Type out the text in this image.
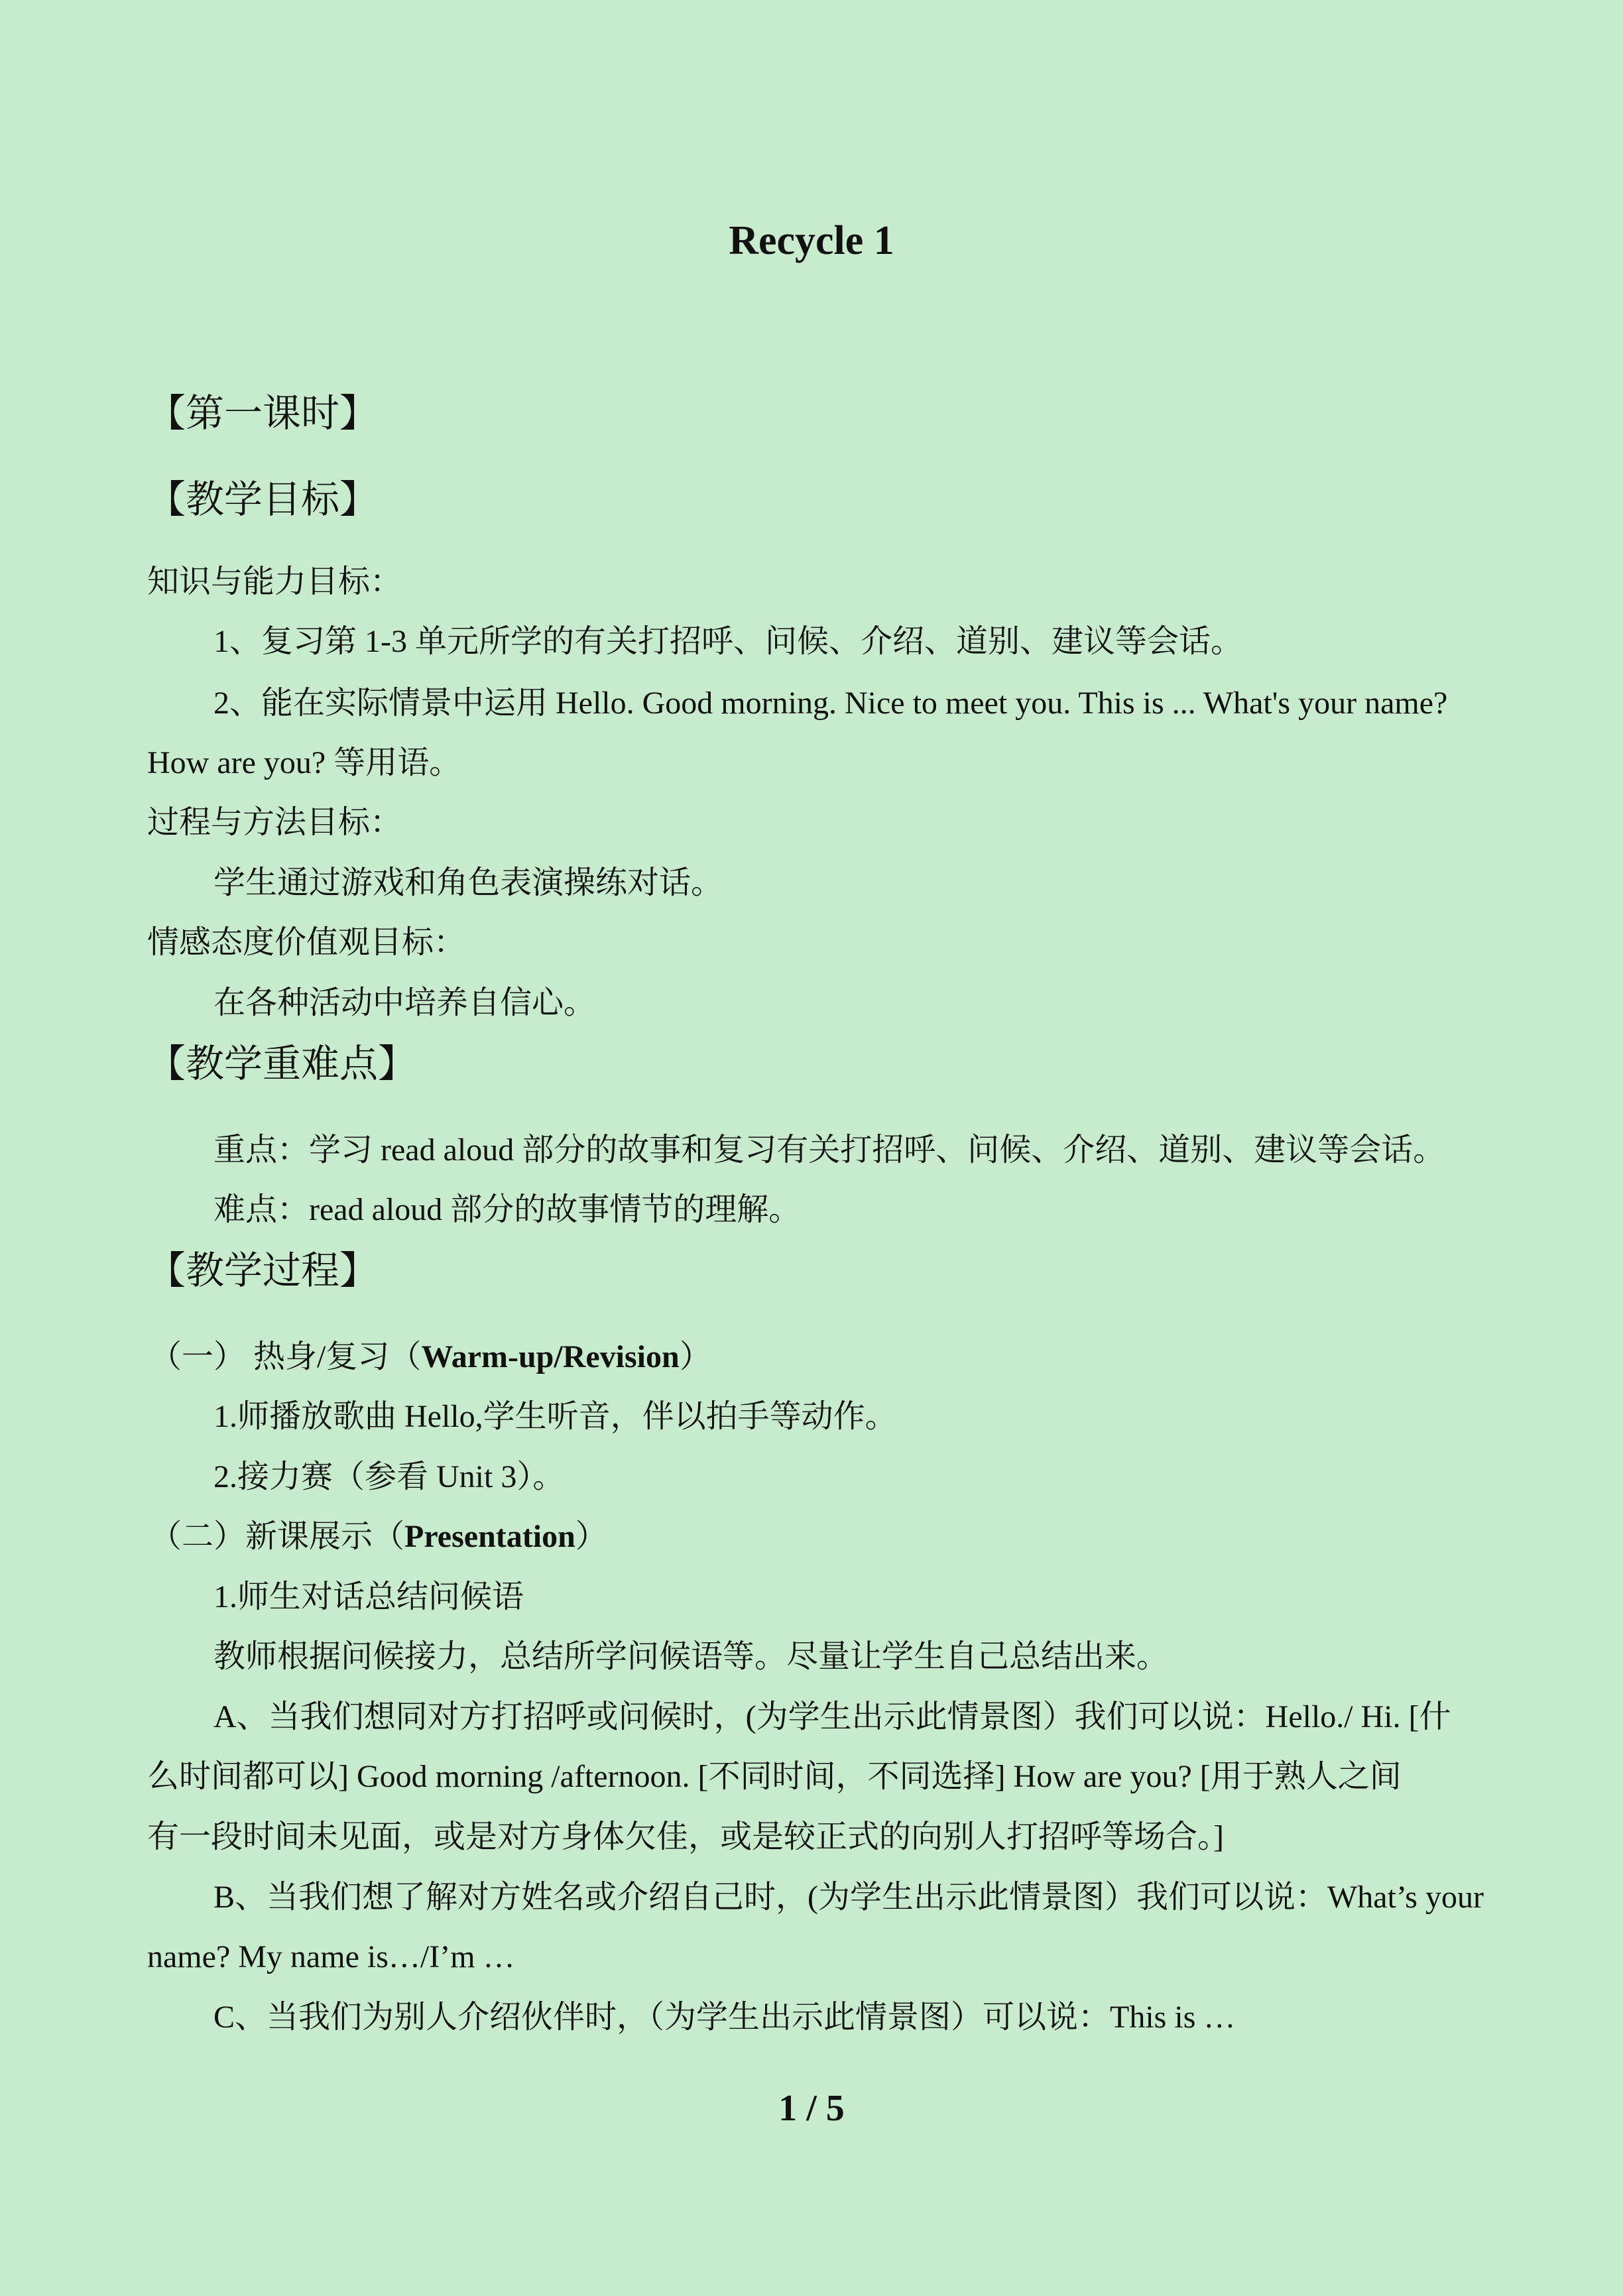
Recycle 1
【第一课时】
【教学目标】
知识与能力目标：
1、复习第 1-3 单元所学的有关打招呼、问候、介绍、道别、建议等会话。
2、能在实际情景中运用 Hello. Good morning. Nice to meet you. This is ... What's your name?
How are you? 等用语。
过程与方法目标：
学生通过游戏和角色表演操练对话。
情感态度价值观目标：
在各种活动中培养自信心。
【教学重难点】
重点：学习 read aloud 部分的故事和复习有关打招呼、问候、介绍、道别、建议等会话。
难点：read aloud 部分的故事情节的理解。
【教学过程】
（一） 热身/复习（Warm-up/Revision）
1.师播放歌曲 Hello,学生听音，伴以拍手等动作。
2.接力赛（参看 Unit 3）。
（二）新课展示（Presentation）
1.师生对话总结问候语
教师根据问候接力，总结所学问候语等。尽量让学生自己总结出来。
A、当我们想同对方打招呼或问候时，(为学生出示此情景图）我们可以说：Hello./ Hi. [什
么时间都可以] Good morning /afternoon. [不同时间，不同选择] How are you? [用于熟人之间
有一段时间未见面，或是对方身体欠佳，或是较正式的向别人打招呼等场合。]
B、当我们想了解对方姓名或介绍自己时，(为学生出示此情景图）我们可以说：What’s your
name? My name is…/I’m …
C、当我们为别人介绍伙伴时，（为学生出示此情景图）可以说：This is …
1 / 5
